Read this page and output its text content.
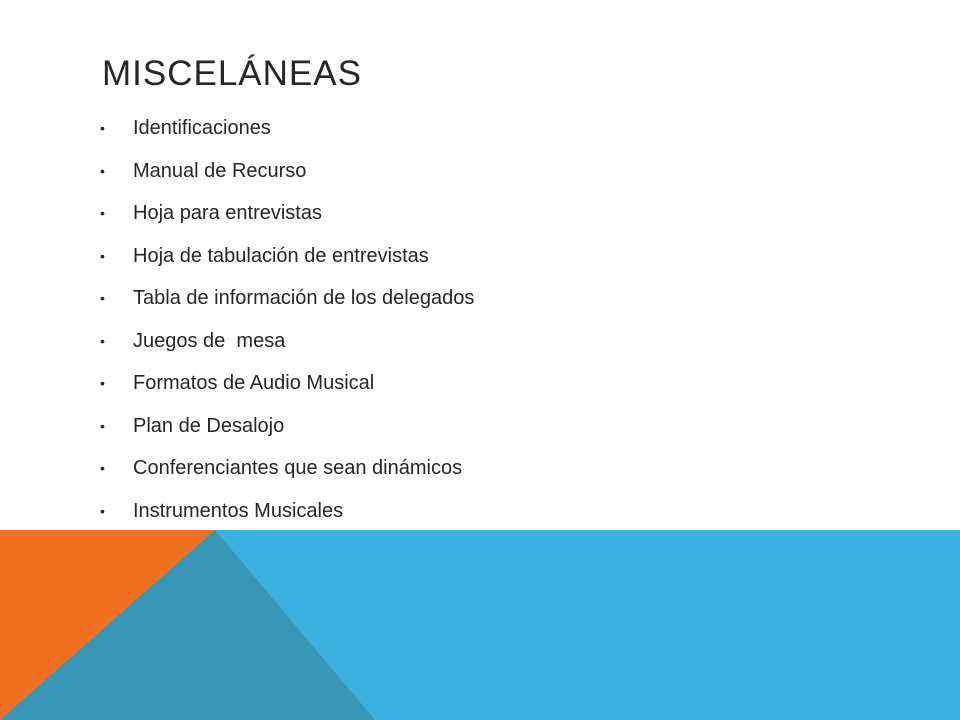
MISCELÁNEAS
• Identificaciones
• Manual de Recurso
• Hoja para entrevistas
• Hoja de tabulación de entrevistas
• Tabla de información de los delegados
• Juegos de  mesa
• Formatos de Audio Musical
• Plan de Desalojo
• Conferenciantes que sean dinámicos
• Instrumentos Musicales
